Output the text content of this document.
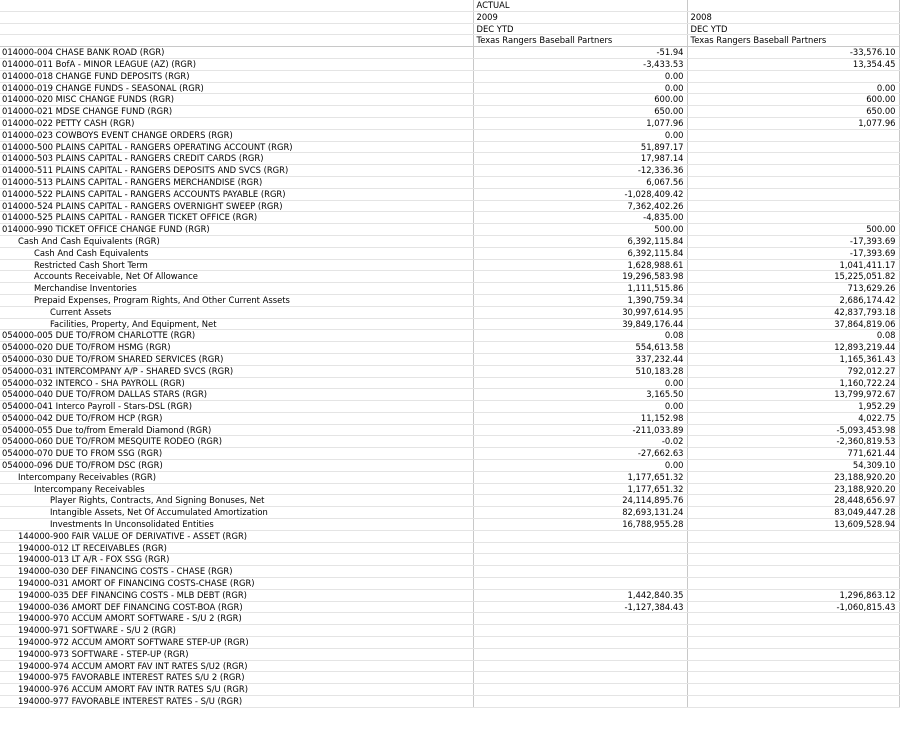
	ACTUAL	
	2009	2008
	DEC YTD	DEC YTD
	Texas Rangers Baseball Partners	Texas Rangers Baseball Partners
014000-004 CHASE BANK ROAD (RGR)	-51.94	-33,576.10
014000-011 BofA - MINOR LEAGUE (AZ) (RGR)	-3,433.53	13,354.45
014000-018 CHANGE FUND DEPOSITS (RGR)	0.00	
014000-019 CHANGE FUNDS - SEASONAL (RGR)	0.00	0.00
014000-020 MISC CHANGE FUNDS (RGR)	600.00	600.00
014000-021 MDSE CHANGE FUND (RGR)	650.00	650.00
014000-022 PETTY CASH (RGR)	1,077.96	1,077.96
014000-023 COWBOYS EVENT CHANGE ORDERS (RGR)	0.00	
014000-500 PLAINS CAPITAL - RANGERS OPERATING ACCOUNT (RGR)	51,897.17	
014000-503 PLAINS CAPITAL - RANGERS CREDIT CARDS (RGR)	17,987.14	
014000-511 PLAINS CAPITAL - RANGERS DEPOSITS AND SVCS (RGR)	-12,336.36	
014000-513 PLAINS CAPITAL - RANGERS MERCHANDISE (RGR)	6,067.56	
014000-522 PLAINS CAPITAL - RANGERS ACCOUNTS PAYABLE (RGR)	-1,028,409.42	
014000-524 PLAINS CAPITAL - RANGERS OVERNIGHT SWEEP (RGR)	7,362,402.26	
014000-525 PLAINS CAPITAL - RANGER TICKET OFFICE (RGR)	-4,835.00	
014000-990 TICKET OFFICE CHANGE FUND (RGR)	500.00	500.00
Cash And Cash Equivalents (RGR)	6,392,115.84	-17,393.69
Cash And Cash Equivalents	6,392,115.84	-17,393.69
Restricted Cash Short Term	1,628,988.61	1,041,411.17
Accounts Receivable, Net Of Allowance	19,296,583.98	15,225,051.82
Merchandise Inventories	1,111,515.86	713,629.26
Prepaid Expenses, Program Rights, And Other Current Assets	1,390,759.34	2,686,174.42
Current Assets	30,997,614.95	42,837,793.18
Facilities, Property, And Equipment, Net	39,849,176.44	37,864,819.06
054000-005 DUE TO/FROM CHARLOTTE (RGR)	0.08	0.08
054000-020 DUE TO/FROM HSMG (RGR)	554,613.58	12,893,219.44
054000-030 DUE TO/FROM SHARED SERVICES (RGR)	337,232.44	1,165,361.43
054000-031 INTERCOMPANY A/P - SHARED SVCS (RGR)	510,183.28	792,012.27
054000-032 INTERCO - SHA PAYROLL (RGR)	0.00	1,160,722.24
054000-040 DUE TO/FROM DALLAS STARS (RGR)	3,165.50	13,799,972.67
054000-041 Interco Payroll - Stars-DSL (RGR)	0.00	1,952.29
054000-042 DUE TO/FROM HCP (RGR)	11,152.98	4,022.75
054000-055 Due to/from Emerald Diamond (RGR)	-211,033.89	-5,093,453.98
054000-060 DUE TO/FROM MESQUITE RODEO (RGR)	-0.02	-2,360,819.53
054000-070 DUE TO FROM SSG (RGR)	-27,662.63	771,621.44
054000-096 DUE TO/FROM DSC (RGR)	0.00	54,309.10
Intercompany Receivables (RGR)	1,177,651.32	23,188,920.20
Intercompany Receivables	1,177,651.32	23,188,920.20
Player Rights, Contracts, And Signing Bonuses, Net	24,114,895.76	28,448,656.97
Intangible Assets, Net Of Accumulated Amortization	82,693,131.24	83,049,447.28
Investments In Unconsolidated Entities	16,788,955.28	13,609,528.94
144000-900 FAIR VALUE OF DERIVATIVE - ASSET (RGR)		
194000-012 LT RECEIVABLES (RGR)		
194000-013 LT A/R - FOX SSG (RGR)		
194000-030 DEF FINANCING COSTS - CHASE (RGR)		
194000-031 AMORT OF FINANCING COSTS-CHASE (RGR)		
194000-035 DEF FINANCING COSTS - MLB DEBT (RGR)	1,442,840.35	1,296,863.12
194000-036 AMORT DEF FINANCING COST-BOA (RGR)	-1,127,384.43	-1,060,815.43
194000-970 ACCUM AMORT SOFTWARE - S/U 2 (RGR)		
194000-971 SOFTWARE - S/U 2 (RGR)		
194000-972 ACCUM AMORT SOFTWARE STEP-UP (RGR)		
194000-973 SOFTWARE - STEP-UP (RGR)		
194000-974 ACCUM AMORT FAV INT RATES S/U2 (RGR)		
194000-975 FAVORABLE INTEREST RATES S/U 2 (RGR)		
194000-976 ACCUM AMORT FAV INTR RATES S/U (RGR)		
194000-977 FAVORABLE INTEREST RATES - S/U (RGR)		
